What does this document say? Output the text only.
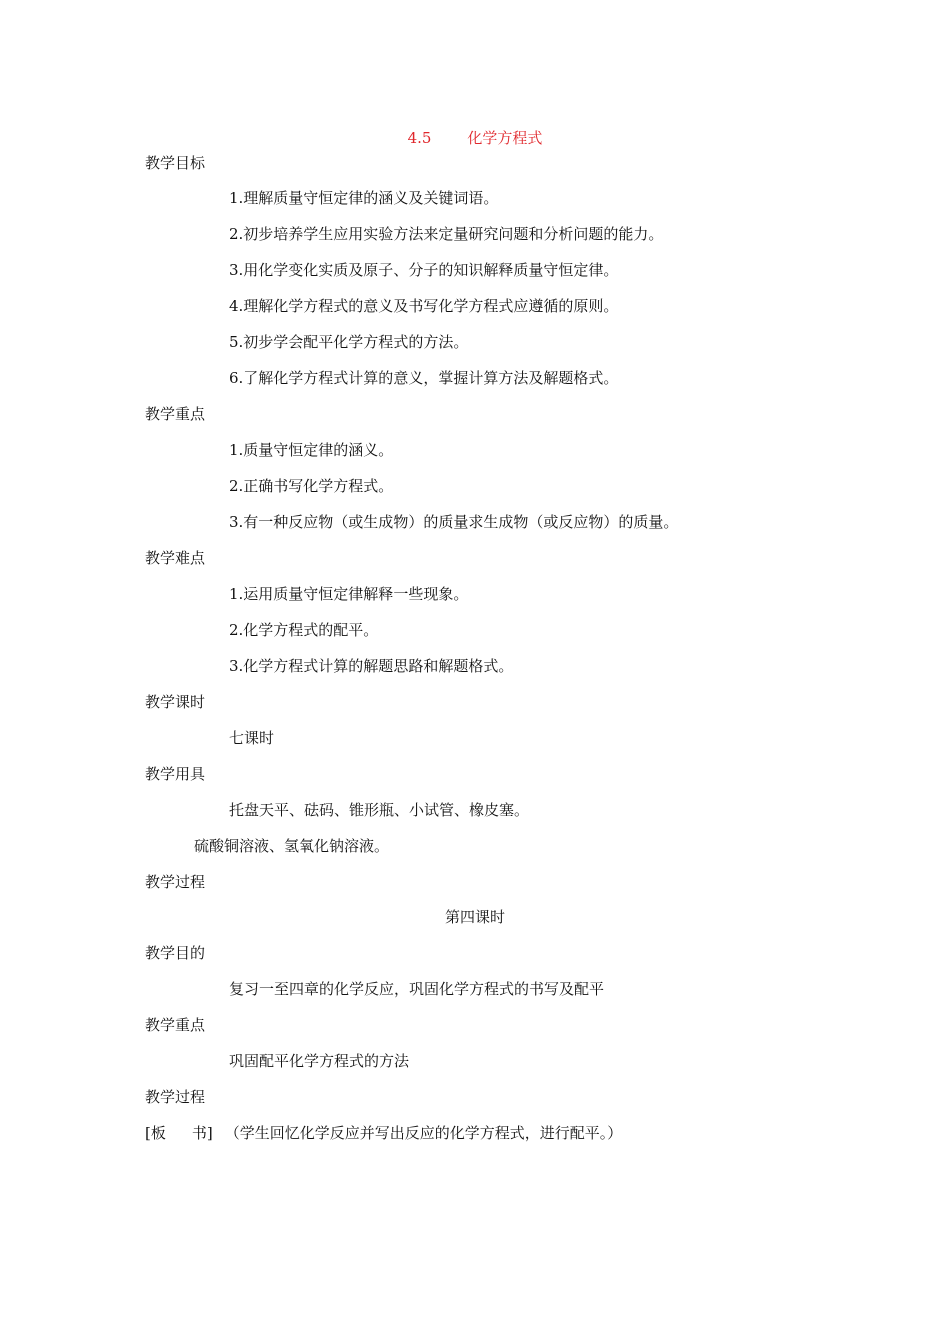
4.5 化学方程式
教学目标
1.理解质量守恒定律的涵义及关键词语。
2.初步培养学生应用实验方法来定量研究问题和分析问题的能力。
3.用化学变化实质及原子、分子的知识解释质量守恒定律。
4.理解化学方程式的意义及书写化学方程式应遵循的原则。
5.初步学会配平化学方程式的方法。
6.了解化学方程式计算的意义，掌握计算方法及解题格式。
教学重点
1.质量守恒定律的涵义。
2.正确书写化学方程式。
3.有一种反应物（或生成物）的质量求生成物（或反应物）的质量。
教学难点
1.运用质量守恒定律解释一些现象。
2.化学方程式的配平。
3.化学方程式计算的解题思路和解题格式。
教学课时
七课时
教学用具
托盘天平、砝码、锥形瓶、小试管、橡皮塞。
硫酸铜溶液、氢氧化钠溶液。
教学过程
第四课时
教学目的
复习一至四章的化学反应，巩固化学方程式的书写及配平
教学重点
巩固配平化学方程式的方法
教学过程
[板 书] （学生回忆化学反应并写出反应的化学方程式，进行配平。）
